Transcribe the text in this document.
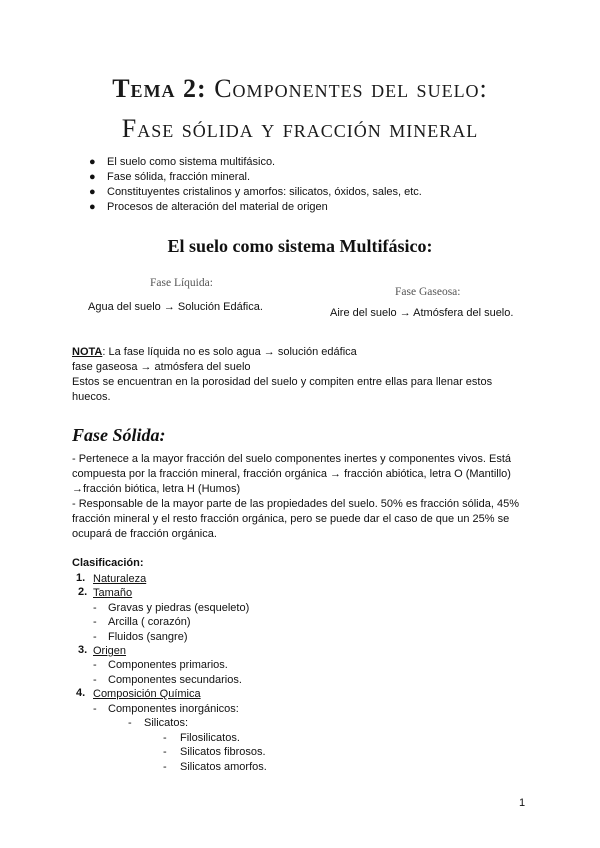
Tema 2: Componentes del suelo:
Fase sólida y fracción mineral
● El suelo como sistema multifásico.
● Fase sólida, fracción mineral.
● Constituyentes cristalinos y amorfos: silicatos, óxidos, sales, etc.
● Procesos de alteración del material de origen
El suelo como sistema Multifásico:
Fase Líquida:
Agua del suelo → Solución Edáfica.
Fase Gaseosa:
Aire del suelo → Atmósfera del suelo.
NOTA: La fase líquida no es solo agua → solución edáfica
fase gaseosa → atmósfera del suelo
Estos se encuentran en la porosidad del suelo y compiten entre ellas para llenar estos
huecos.
Fase Sólida:
- Pertenece a la mayor fracción del suelo componentes inertes y componentes vivos. Está
compuesta por la fracción mineral, fracción orgánica → fracción abiótica, letra O (Mantillo)
→fracción biótica, letra H (Humos)
- Responsable de la mayor parte de las propiedades del suelo. 50% es fracción sólida, 45%
fracción mineral y el resto fracción orgánica, pero se puede dar el caso de que un 25% se
ocupará de fracción orgánica.
Clasificación:
1. Naturaleza
2. Tamaño
- Gravas y piedras (esqueleto)
- Arcilla ( corazón)
- Fluidos (sangre)
3. Origen
- Componentes primarios.
- Componentes secundarios.
4. Composición Química
- Componentes inorgánicos:
- Silicatos:
- Filosilicatos.
- Silicatos fibrosos.
- Silicatos amorfos.
1
